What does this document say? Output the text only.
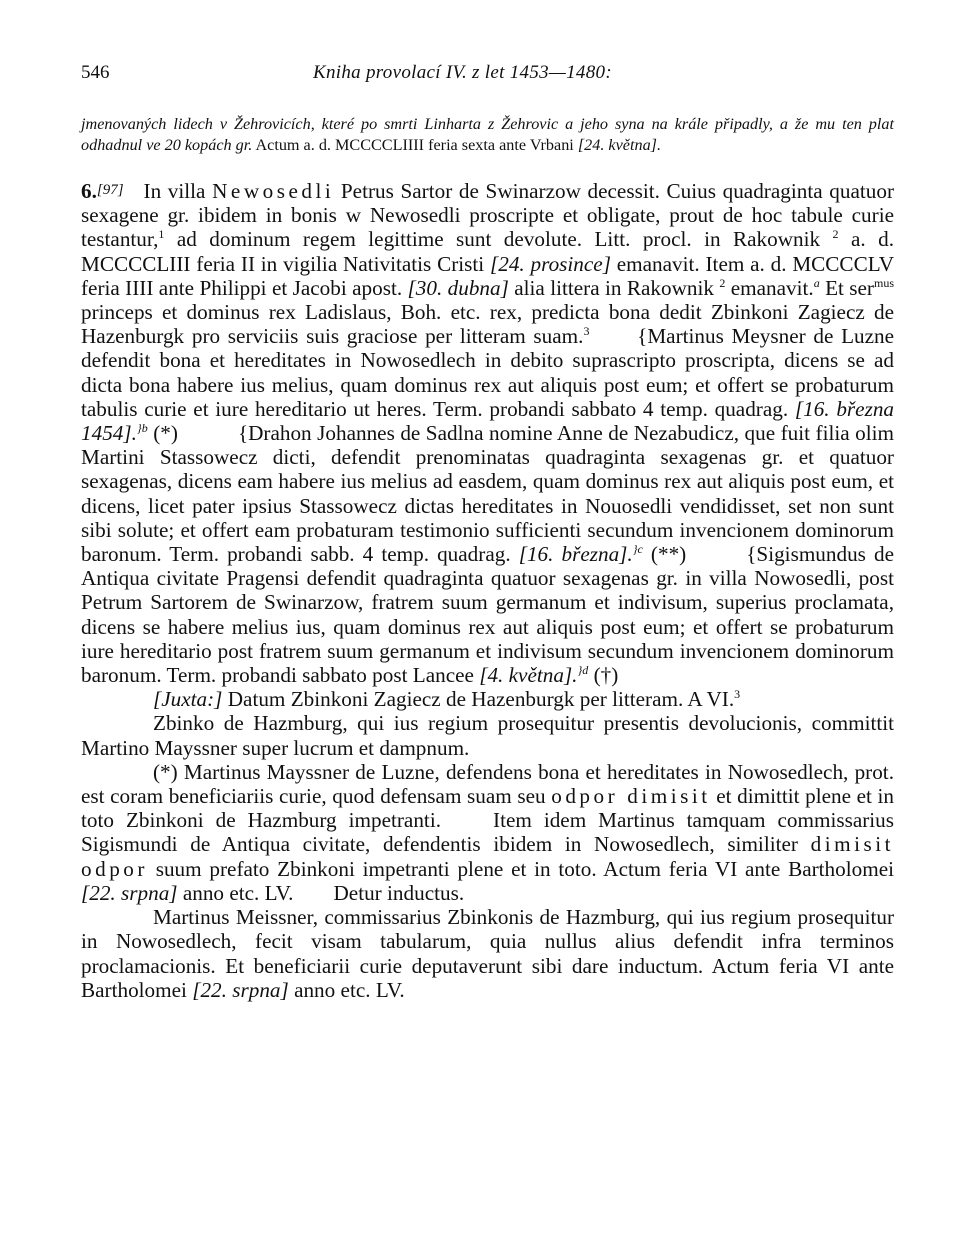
546	Kniha provolací IV. z let 1453—1480:
jmenovaných lidech v Žehrovicích, které po smrti Linharta z Žehrovic a jeho syna na krále připadly, a že mu ten plat odhadnul ve 20 kopách gr. Actum a. d. MCCCCLIIII feria sexta ante Vrbani [24. května].

6.[97] In villa Newosedli Petrus Sartor de Swinarzow decessit. Cuius quadraginta quatuor sexagene gr. ibidem in bonis w Newosedli proscripte et obligate, prout de hoc tabule curie testantur,$^1$ ad dominum regem legittime sunt devolute. Litt. procl. in Rakownik $^2$ a. d. MCCCCLIII feria II in vigilia Nativitatis Cristi [24. prosince] emanavit. Item a. d. MCCCCLV feria IIII ante Philippi et Jacobi apost. [30. dubna] alia littera in Rakownik $^2$ emanavit.$^a$ Et ser$^{mus}$ princeps et dominus rex Ladislaus, Boh. etc. rex, predicta bona dedit Zbinkoni Zagiecz de Hazenburgk pro serviciis suis graciose per litteram suam.$^3$ {Martinus Meysner de Luzne defendit bona et hereditates in Nowosedlech in debito suprascripto proscripta, dicens se ad dicta bona habere ius melius, quam dominus rex aut aliquis post eum; et offert se probaturum tabulis curie et iure hereditario ut heres. Term. probandi sabbato 4 temp. quadrag. [16. března 1454].$^{\}b}$ (*)	{Drahon Johannes de Sadlna nomine Anne de Nezabudicz, que fuit filia olim Martini Stassowecz dicti, defendit prenominatas quadraginta sexagenas gr. et quatuor sexagenas, dicens eam habere ius melius ad easdem, quam dominus rex aut aliquis post eum, et dicens, licet pater ipsius Stassowecz dictas hereditates in Nouosedli vendidisset, set non sunt sibi solute; et offert eam probaturam testimonio sufficienti secundum invencionem dominorum baronum. Term. probandi sabb. 4 temp. quadrag. [16. března].$^{\}c}$ (**)	{Sigismundus de Antiqua civitate Pragensi defendit quadraginta quatuor sexagenas gr. in villa Nowosedli, post Petrum Sartorem de Swinarzow, fratrem suum germanum et indivisum, superius proclamata, dicens se habere melius ius, quam dominus rex aut aliquis post eum; et offert se probaturum iure hereditario post fratrem suum germanum et indivisum secundum invencionem dominorum baronum. Term. probandi sabbato post Lancee [4. května].$^{\}d}$ (†)

[Juxta:] Datum Zbinkoni Zagiecz de Hazenburgk per litteram. A VI.$^3$

Zbinko de Hazmburg, qui ius regium prosequitur presentis devolucionis, committit Martino Mayssner super lucrum et dampnum.

(*) Martinus Mayssner de Luzne, defendens bona et hereditates in Nowosedlech, prot. est coram beneficiariis curie, quod defensam suam seu odpor dimisit et dimittit plene et in toto Zbinkoni de Hazmburg impetranti. Item idem Martinus tamquam commissarius Sigismundi de Antiqua civitate, defendentis ibidem in Nowosedlech, similiter dimisit odpor suum prefato Zbinkoni impetranti plene et in toto. Actum feria VI ante Bartholomei [22. srpna] anno etc. LV. Detur inductus.

Martinus Meissner, commissarius Zbinkonis de Hazmburg, qui ius regium prosequitur in Nowosedlech, fecit visam tabularum, quia nullus alius defendit infra terminos proclamacionis. Et beneficiarii curie deputaverunt sibi dare inductum. Actum feria VI ante Bartholomei [22. srpna] anno etc. LV.
